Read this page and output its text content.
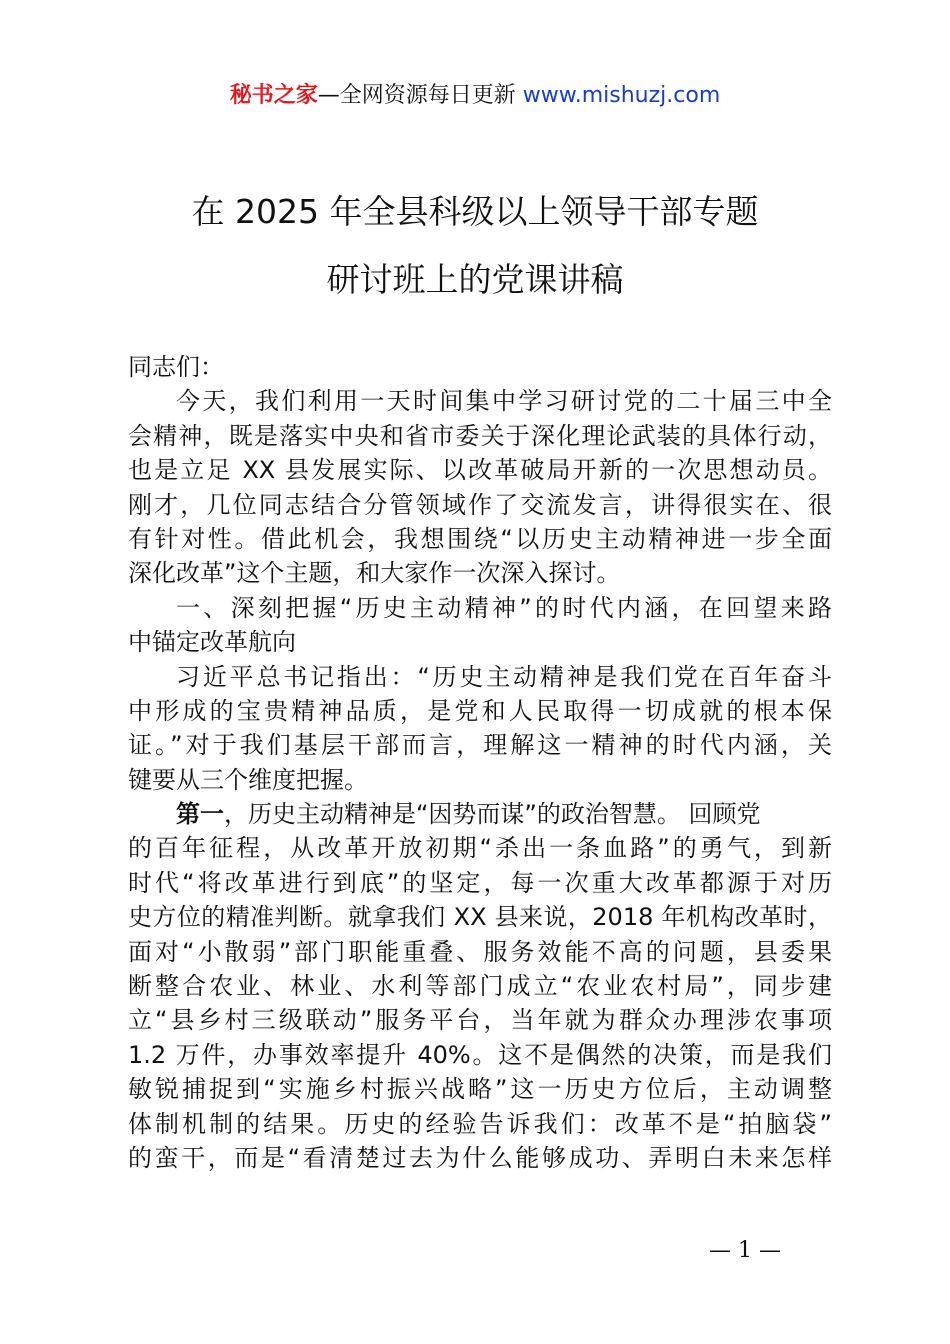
秘书之家—全网资源每日更新 www.mishuzj.com
在 2025 年全县科级以上领导干部专题
研讨班上的党课讲稿
同志们：
今天，我们利用一天时间集中学习研讨党的二十届三中全
会精神，既是落实中央和省市委关于深化理论武装的具体行动，
也是立足 XX 县发展实际、以改革破局开新的一次思想动员。
刚才，几位同志结合分管领域作了交流发言，讲得很实在、很
有针对性。借此机会，我想围绕“以历史主动精神进一步全面
深化改革”这个主题，和大家作一次深入探讨。
一、深刻把握“历史主动精神”的时代内涵，在回望来路
中锚定改革航向
习近平总书记指出：“历史主动精神是我们党在百年奋斗
中形成的宝贵精神品质，是党和人民取得一切成就的根本保
证。”对于我们基层干部而言，理解这一精神的时代内涵，关
键要从三个维度把握。
第一，历史主动精神是“因势而谋”的政治智慧。 回顾党
的百年征程，从改革开放初期“杀出一条血路”的勇气，到新
时代“将改革进行到底”的坚定，每一次重大改革都源于对历
史方位的精准判断。就拿我们 XX 县来说，2018 年机构改革时，
面对“小散弱”部门职能重叠、服务效能不高的问题，县委果
断整合农业、林业、水利等部门成立“农业农村局”，同步建
立“县乡村三级联动”服务平台，当年就为群众办理涉农事项
1.2 万件，办事效率提升 40%。这不是偶然的决策，而是我们
敏锐捕捉到“实施乡村振兴战略”这一历史方位后，主动调整
体制机制的结果。历史的经验告诉我们：改革不是“拍脑袋”
的蛮干，而是“看清楚过去为什么能够成功、弄明白未来怎样
— 1 —
